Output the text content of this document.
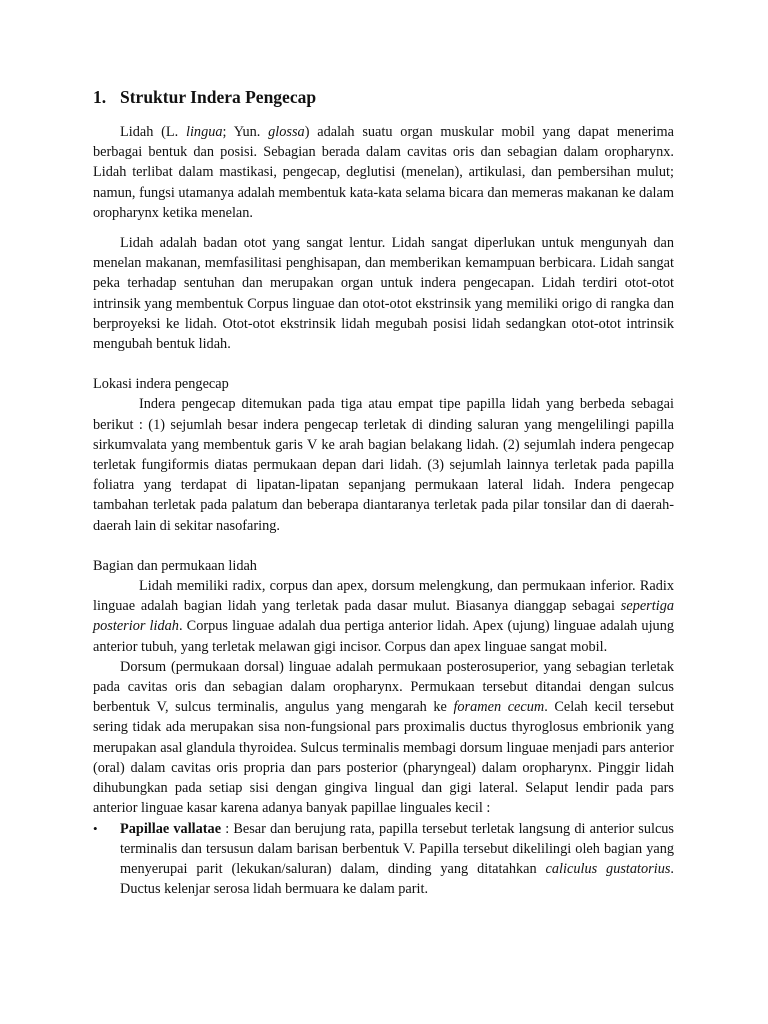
1. Struktur Indera Pengecap

Lidah (L. lingua; Yun. glossa) adalah suatu organ muskular mobil yang dapat menerima berbagai bentuk dan posisi. Sebagian berada dalam cavitas oris dan sebagian dalam oropharynx. Lidah terlibat dalam mastikasi, pengecap, deglutisi (menelan), artikulasi, dan pembersihan mulut; namun, fungsi utamanya adalah membentuk kata-kata selama bicara dan memeras makanan ke dalam oropharynx ketika menelan.

Lidah adalah badan otot yang sangat lentur. Lidah sangat diperlukan untuk mengunyah dan menelan makanan, memfasilitasi penghisapan, dan memberikan kemampuan berbicara. Lidah sangat peka terhadap sentuhan dan merupakan organ untuk indera pengecapan. Lidah terdiri otot-otot intrinsik yang membentuk Corpus linguae dan otot-otot ekstrinsik yang memiliki origo di rangka dan berproyeksi ke lidah. Otot-otot ekstrinsik lidah megubah posisi lidah sedangkan otot-otot intrinsik mengubah bentuk lidah.

Lokasi indera pengecap

Indera pengecap ditemukan pada tiga atau empat tipe papilla lidah yang berbeda sebagai berikut : (1) sejumlah besar indera pengecap terletak di dinding saluran yang mengelilingi papilla sirkumvalata yang membentuk garis V ke arah bagian belakang lidah. (2) sejumlah indera pengecap terletak fungiformis diatas permukaan depan dari lidah. (3) sejumlah lainnya terletak pada papilla foliatra yang terdapat di lipatan-lipatan sepanjang permukaan lateral lidah. Indera pengecap tambahan terletak pada palatum dan beberapa diantaranya terletak pada pilar tonsilar dan di daerah-daerah lain di sekitar nasofaring.

Bagian dan permukaan lidah

Lidah memiliki radix, corpus dan apex, dorsum melengkung, dan permukaan inferior. Radix linguae adalah bagian lidah yang terletak pada dasar mulut. Biasanya dianggap sebagai sepertiga posterior lidah. Corpus linguae adalah dua pertiga anterior lidah. Apex (ujung) linguae adalah ujung anterior tubuh, yang terletak melawan gigi incisor. Corpus dan apex linguae sangat mobil.

Dorsum (permukaan dorsal) linguae adalah permukaan posterosuperior, yang sebagian terletak pada cavitas oris dan sebagian dalam oropharynx. Permukaan tersebut ditandai dengan sulcus berbentuk V, sulcus terminalis, angulus yang mengarah ke foramen cecum. Celah kecil tersebut sering tidak ada merupakan sisa non-fungsional pars proximalis ductus thyroglosus embrionik yang merupakan asal glandula thyroidea. Sulcus terminalis membagi dorsum linguae menjadi pars anterior (oral) dalam cavitas oris propria dan pars posterior (pharyngeal) dalam oropharynx. Pinggir lidah dihubungkan pada setiap sisi dengan gingiva lingual dan gigi lateral. Selaput lendir pada pars anterior linguae kasar karena adanya banyak papillae linguales kecil :

• Papillae vallatae : Besar dan berujung rata, papilla tersebut terletak langsung di anterior sulcus terminalis dan tersusun dalam barisan berbentuk V. Papilla tersebut dikelilingi oleh bagian yang menyerupai parit (lekukan/saluran) dalam, dinding yang ditatahkan caliculus gustatorius. Ductus kelenjar serosa lidah bermuara ke dalam parit.
